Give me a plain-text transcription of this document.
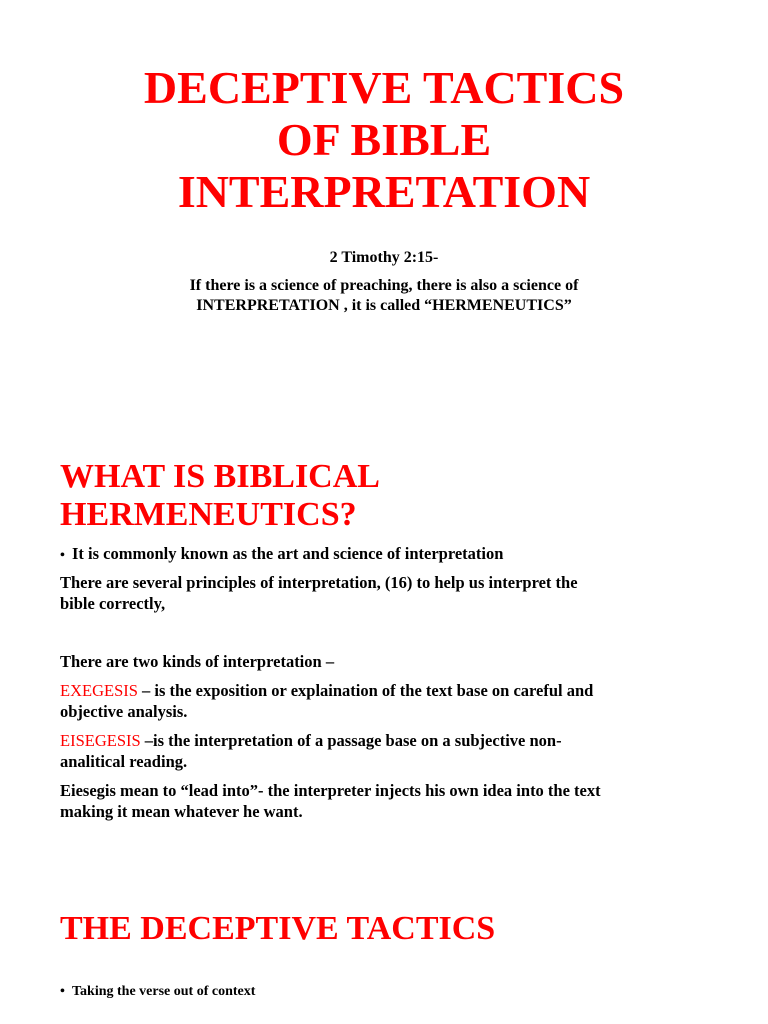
DECEPTIVE TACTICS
OF BIBLE
INTERPRETATION
2 Timothy 2:15-
If there is a science of preaching, there is also a science of
INTERPRETATION , it is called “HERMENEUTICS”
WHAT IS BIBLICAL
HERMENEUTICS?
• It is commonly known as the art and science of interpretation
There are several principles of interpretation, (16) to help us interpret the
bible correctly,
There are two kinds of interpretation –
EXEGESIS – is the exposition or explaination of the text base on careful and
objective analysis.
EISEGESIS –is the interpretation of a passage base on a subjective non-
analitical reading.
Eiesegis mean to “lead into”- the interpreter injects his own idea into the text
making it mean whatever he want.
THE DECEPTIVE TACTICS
• Taking the verse out of context
